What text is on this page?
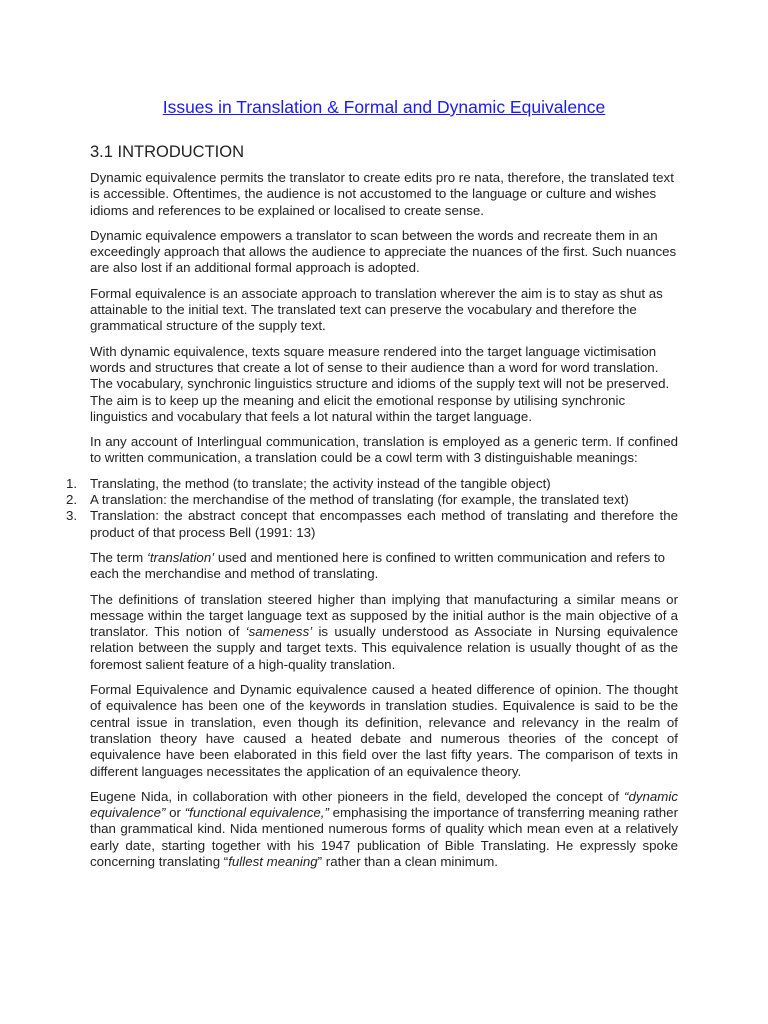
Issues in Translation & Formal and Dynamic Equivalence
3.1 INTRODUCTION

Dynamic equivalence permits the translator to create edits pro re nata, therefore, the translated text is accessible. Oftentimes, the audience is not accustomed to the language or culture and wishes idioms and references to be explained or localised to create sense.

Dynamic equivalence empowers a translator to scan between the words and recreate them in an exceedingly approach that allows the audience to appreciate the nuances of the first. Such nuances are also lost if an additional formal approach is adopted.

Formal equivalence is an associate approach to translation wherever the aim is to stay as shut as attainable to the initial text. The translated text can preserve the vocabulary and therefore the grammatical structure of the supply text.

With dynamic equivalence, texts square measure rendered into the target language victimisation words and structures that create a lot of sense to their audience than a word for word translation. The vocabulary, synchronic linguistics structure and idioms of the supply text will not be preserved. The aim is to keep up the meaning and elicit the emotional response by utilising synchronic linguistics and vocabulary that feels a lot natural within the target language.

In any account of Interlingual communication, translation is employed as a generic term. If confined to written communication, a translation could be a cowl term with 3 distinguishable meanings:

1. Translating, the method (to translate; the activity instead of the tangible object)
2. A translation: the merchandise of the method of translating (for example, the translated text)
3. Translation: the abstract concept that encompasses each method of translating and therefore the product of that process Bell (1991: 13)

The term ‘translation’ used and mentioned here is confined to written communication and refers to each the merchandise and method of translating.

The definitions of translation steered higher than implying that manufacturing a similar means or message within the target language text as supposed by the initial author is the main objective of a translator. This notion of ‘sameness’ is usually understood as Associate in Nursing equivalence relation between the supply and target texts. This equivalence relation is usually thought of as the foremost salient feature of a high-quality translation.

Formal Equivalence and Dynamic equivalence caused a heated difference of opinion. The thought of equivalence has been one of the keywords in translation studies. Equivalence is said to be the central issue in translation, even though its definition, relevance and relevancy in the realm of translation theory have caused a heated debate and numerous theories of the concept of equivalence have been elaborated in this field over the last fifty years. The comparison of texts in different languages necessitates the application of an equivalence theory.

Eugene Nida, in collaboration with other pioneers in the field, developed the concept of “dynamic equivalence” or “functional equivalence,” emphasising the importance of transferring meaning rather than grammatical kind. Nida mentioned numerous forms of quality which mean even at a relatively early date, starting together with his 1947 publication of Bible Translating. He expressly spoke concerning translating “fullest meaning” rather than a clean minimum.
